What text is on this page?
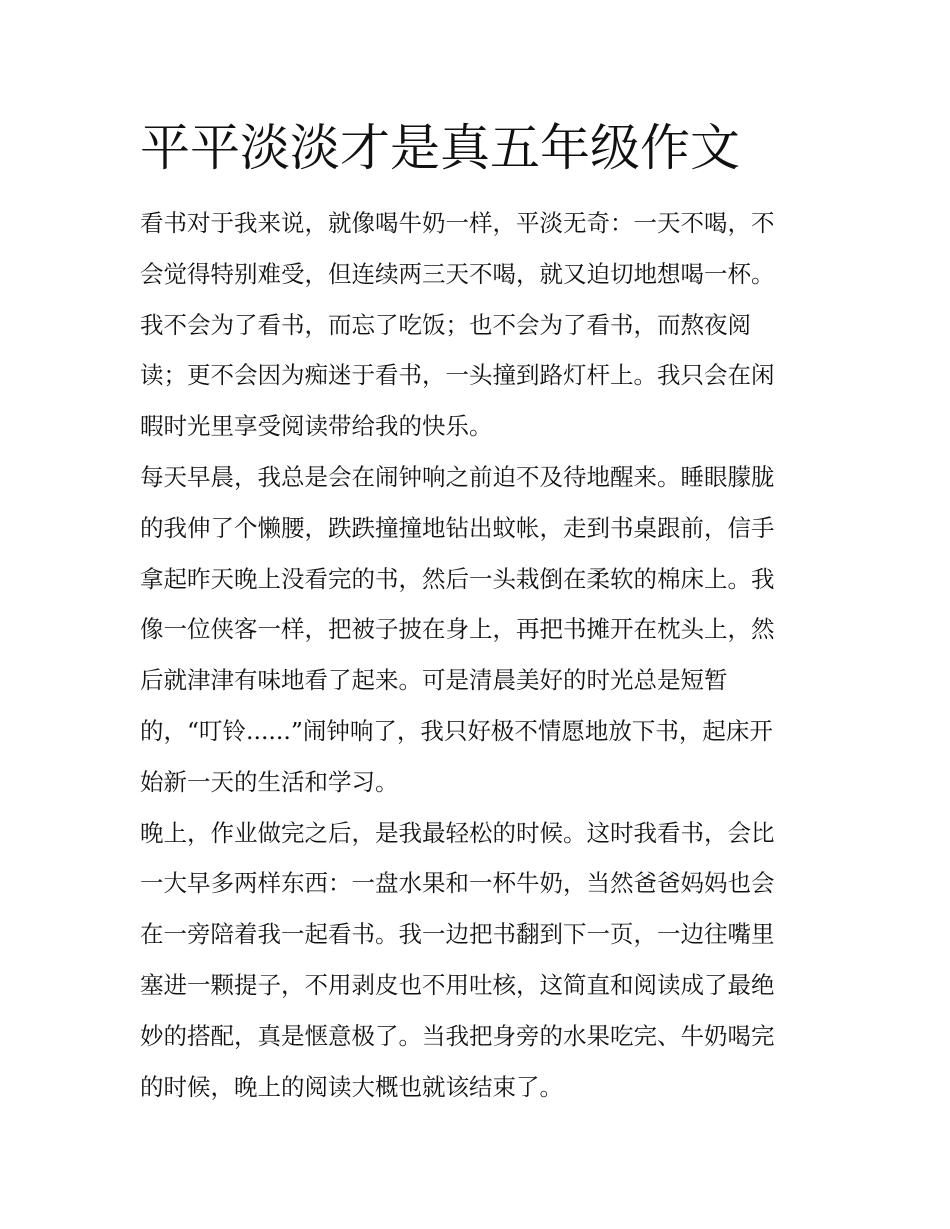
平平淡淡才是真五年级作文

看书对于我来说，就像喝牛奶一样，平淡无奇：一天不喝，不
会觉得特别难受，但连续两三天不喝，就又迫切地想喝一杯。
我不会为了看书，而忘了吃饭；也不会为了看书，而熬夜阅
读；更不会因为痴迷于看书，一头撞到路灯杆上。我只会在闲
暇时光里享受阅读带给我的快乐。

每天早晨，我总是会在闹钟响之前迫不及待地醒来。睡眼朦胧
的我伸了个懒腰，跌跌撞撞地钻出蚊帐，走到书桌跟前，信手
拿起昨天晚上没看完的书，然后一头栽倒在柔软的棉床上。我
像一位侠客一样，把被子披在身上，再把书摊开在枕头上，然
后就津津有味地看了起来。可是清晨美好的时光总是短暂
的，“叮铃......”闹钟响了，我只好极不情愿地放下书，起床开
始新一天的生活和学习。

晚上，作业做完之后，是我最轻松的时候。这时我看书，会比
一大早多两样东西：一盘水果和一杯牛奶，当然爸爸妈妈也会
在一旁陪着我一起看书。我一边把书翻到下一页，一边往嘴里
塞进一颗提子，不用剥皮也不用吐核，这简直和阅读成了最绝
妙的搭配，真是惬意极了。当我把身旁的水果吃完、牛奶喝完
的时候，晚上的阅读大概也就该结束了。
